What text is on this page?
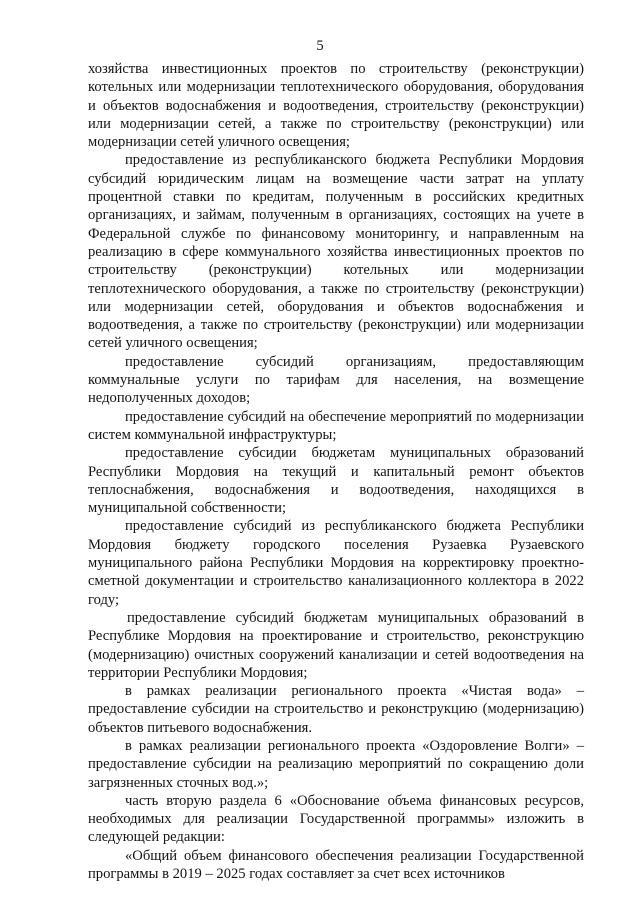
5

хозяйства инвестиционных проектов по строительству (реконструкции) котельных или модернизации теплотехнического оборудования, оборудования и объектов водоснабжения и водоотведения, строительству (реконструкции) или модернизации сетей, а также по строительству (реконструкции) или модернизации сетей уличного освещения;

предоставление из республиканского бюджета Республики Мордовия субсидий юридическим лицам на возмещение части затрат на уплату процентной ставки по кредитам, полученным в российских кредитных организациях, и займам, полученным в организациях, состоящих на учете в Федеральной службе по финансовому мониторингу, и направленным на реализацию в сфере коммунального хозяйства инвестиционных проектов по строительству (реконструкции) котельных или модернизации теплотехнического оборудования, а также по строительству (реконструкции) или модернизации сетей, оборудования и объектов водоснабжения и водоотведения, а также по строительству (реконструкции) или модернизации сетей уличного освещения;

предоставление субсидий организациям, предоставляющим коммунальные услуги по тарифам для населения, на возмещение недополученных доходов;

предоставление субсидий на обеспечение мероприятий по модернизации систем коммунальной инфраструктуры;

предоставление субсидии бюджетам муниципальных образований Республики Мордовия на текущий и капитальный ремонт объектов теплоснабжения, водоснабжения и водоотведения, находящихся в муниципальной собственности;

предоставление субсидий из республиканского бюджета Республики Мордовия бюджету городского поселения Рузаевка Рузаевского муниципального района Республики Мордовия на корректировку проектно-сметной документации и строительство канализационного коллектора в 2022 году;

предоставление субсидий бюджетам муниципальных образований в Республике Мордовия на проектирование и строительство, реконструкцию (модернизацию) очистных сооружений канализации и сетей водоотведения на территории Республики Мордовия;

в рамках реализации регионального проекта «Чистая вода» – предоставление субсидии на строительство и реконструкцию (модернизацию) объектов питьевого водоснабжения.

в рамках реализации регионального проекта «Оздоровление Волги» – предоставление субсидии на реализацию мероприятий по сокращению доли загрязненных сточных вод.»;

часть вторую раздела 6 «Обоснование объема финансовых ресурсов, необходимых для реализации Государственной программы» изложить в следующей редакции:

«Общий объем финансового обеспечения реализации Государственной программы в 2019 – 2025 годах составляет за счет всех источников
